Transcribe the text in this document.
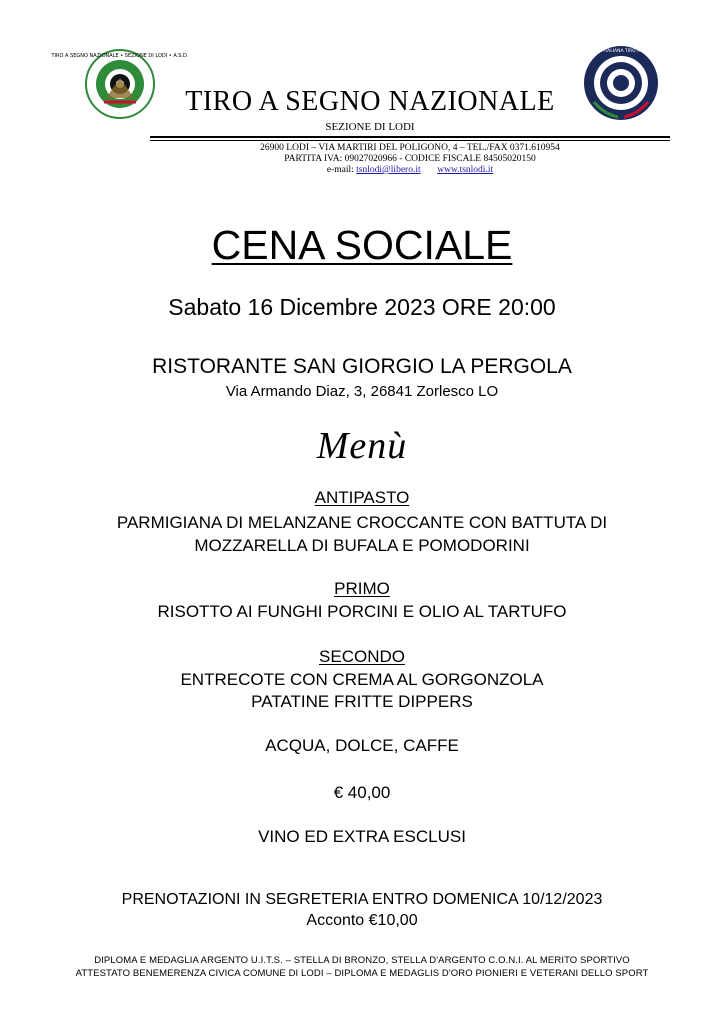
TIRO A SEGNO NAZIONALE • SEZIONE DI LODI • A.S.D.
UNIONE ITALIANA TIRO A SEGNO
TIRO A SEGNO NAZIONALE
SEZIONE DI LODI
26900 LODI – VIA MARTIRI DEL POLIGONO, 4 – TEL./FAX 0371.610954
PARTITA IVA: 09027020966 - CODICE FISCALE 84505020150
e-mail: tsnlodi@libero.it www.tsnlodi.it
CENA SOCIALE
Sabato 16 Dicembre 2023 ORE 20:00
RISTORANTE SAN GIORGIO LA PERGOLA
Via Armando Diaz, 3, 26841 Zorlesco LO
Menù
ANTIPASTO
PARMIGIANA DI MELANZANE CROCCANTE CON BATTUTA DI
MOZZARELLA DI BUFALA E POMODORINI
PRIMO
RISOTTO AI FUNGHI PORCINI E OLIO AL TARTUFO
SECONDO
ENTRECOTE CON CREMA AL GORGONZOLA
PATATINE FRITTE DIPPERS
ACQUA, DOLCE, CAFFE
€ 40,00
VINO ED EXTRA ESCLUSI
PRENOTAZIONI IN SEGRETERIA ENTRO DOMENICA 10/12/2023
Acconto €10,00
DIPLOMA E MEDAGLIA ARGENTO U.I.T.S. – STELLA DI BRONZO, STELLA D'ARGENTO C.O.N.I. AL MERITO SPORTIVO
ATTESTATO BENEMERENZA CIVICA COMUNE DI LODI – DIPLOMA E MEDAGLIS D'ORO PIONIERI E VETERANI DELLO SPORT
